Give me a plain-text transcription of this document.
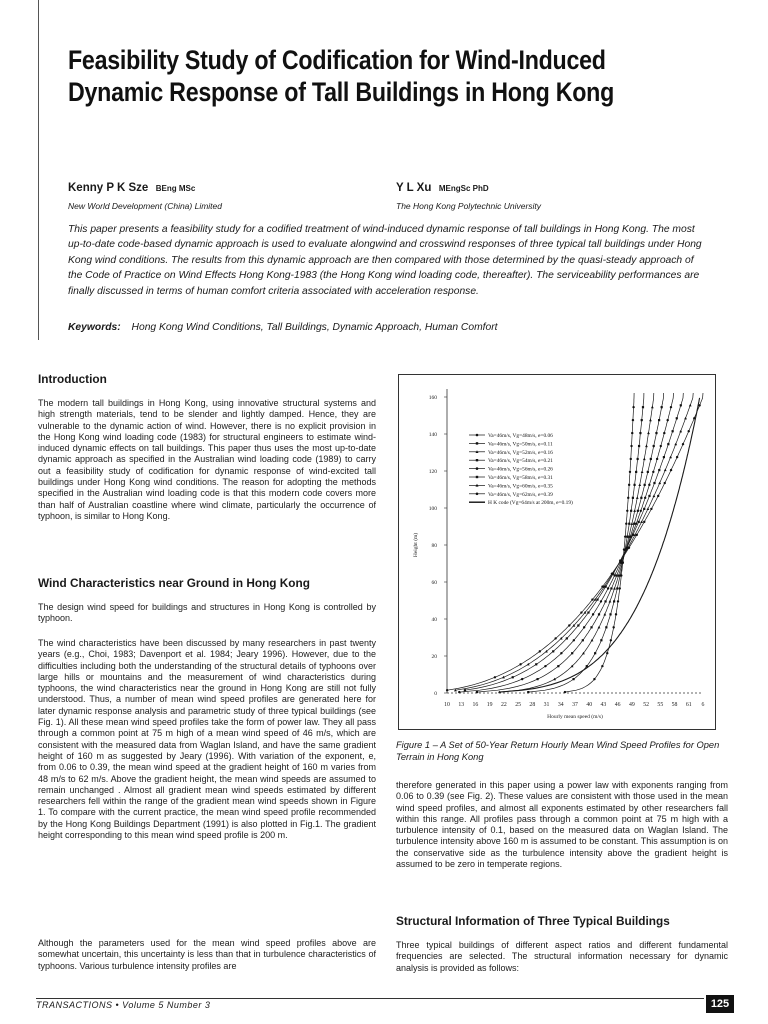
Feasibility Study of Codification for Wind-Induced Dynamic Response of Tall Buildings in Hong Kong
Kenny P K Sze BEng MSc
New World Development (China) Limited
Y L Xu MEngSc PhD
The Hong Kong Polytechnic University

This paper presents a feasibility study for a codified treatment of wind-induced dynamic response of tall buildings in Hong Kong. The most up-to-date code-based dynamic approach is used to evaluate alongwind and crosswind responses of three typical tall buildings under Hong Kong wind conditions. The results from this dynamic approach are then compared with those determined by the quasi-steady approach of the Code of Practice on Wind Effects Hong Kong-1983 (the Hong Kong wind loading code, thereafter). The serviceability performances are finally discussed in terms of human comfort criteria associated with acceleration response.

Keywords: Hong Kong Wind Conditions, Tall Buildings, Dynamic Approach, Human Comfort
Introduction

The modern tall buildings in Hong Kong, using innovative structural systems and high strength materials, tend to be slender and lightly damped. Hence, they are vulnerable to the dynamic action of wind. However, there is no explicit provision in the Hong Kong wind loading code (1983) for structural engineers to estimate wind-induced dynamic effects on tall buildings. This paper thus uses the most up-to-date dynamic approach as specified in the Australian wind loading code (1989) to carry out a feasibility study of codification for dynamic response of wind-excited tall buildings under Hong Kong wind conditions. The reason for adopting the methods specified in the Australian wind loading code is that this modern code covers more than half of Australian coastline where wind climate, particularly the occurrence of typhoon, is similar to Hong Kong.

Wind Characteristics near Ground in Hong Kong

The design wind speed for buildings and structures in Hong Kong is controlled by typhoon.

The wind characteristics have been discussed by many researchers in past twenty years (e.g., Choi, 1983; Davenport et al. 1984; Jeary 1996). However, due to the difficulties including both the understanding of the structural details of typhoons over large hills or mountains and the measurement of wind characteristics during typhoons, the wind characteristics near the ground in Hong Kong are still not fully understood. Thus, a number of mean wind speed profiles are generated here for later dynamic response analysis and parametric study of three typical buildings (see Fig. 1). All these mean wind speed profiles take the form of power law. They all pass through a common point at 75 m high of a mean wind speed of 46 m/s, which are consistent with the measured data from Waglan Island, and have the same gradient height of 160 m as suggested by Jeary (1996). With variation of the exponent, e, from 0.06 to 0.39, the mean wind speed at the gradient height of 160 m varies from 48 m/s to 62 m/s. Above the gradient height, the mean wind speeds are assumed to remain unchanged . Almost all gradient mean wind speeds estimated by different researchers fell within the range of the gradient mean wind speeds shown in Figure 1. To compare with the current practice, the mean wind speed profile recommended by the Hong Kong Buildings Department (1991) is also plotted in Fig.1. The gradient height corresponding to this mean wind speed profile is 200 m.

Although the parameters used for the mean wind speed profiles above are somewhat uncertain, this uncertainty is less than that in turbulence characteristics of typhoons. Various turbulence intensity profiles are

0
20
40
60
80
100
120
140
160
10 13 16 19 22 25 28 31 34 37 40 43 46 49 52 55 58 61 6
Hourly mean speed (m/s)
Height (m)
Va=46m/s, Vg=48m/s, e=0.06
Va=46m/s, Vg=50m/s, e=0.11
Va=46m/s, Vg=52m/s, e=0.16
Va=46m/s, Vg=54m/s, e=0.21
Va=46m/s, Vg=56m/s, e=0.26
Va=46m/s, Vg=58m/s, e=0.31
Va=46m/s, Vg=60m/s, e=0.35
Va=46m/s, Vg=62m/s, e=0.39
H K code (Vg=64m/s at 200m, e=0.19)

Figure 1 – A Set of 50-Year Return Hourly Mean Wind Speed Profiles for Open Terrain in Hong Kong

therefore generated in this paper using a power law with exponents ranging from 0.06 to 0.39 (see Fig. 2). These values are consistent with those used in the mean wind speed profiles, and almost all exponents estimated by other researchers fall within this range. All profiles pass through a common point at 75 m high with a turbulence intensity of 0.1, based on the measured data on Waglan Island. The turbulence intensity above 160 m is assumed to be constant. This assumption is on the conservative side as the turbulence intensity above the gradient height is assumed to be zero in temperate regions.

Structural Information of Three Typical Buildings

Three typical buildings of different aspect ratios and different fundamental frequencies are selected. The structural information necessary for dynamic analysis is provided as follows:

TRANSACTIONS • Volume 5 Number 3	125
